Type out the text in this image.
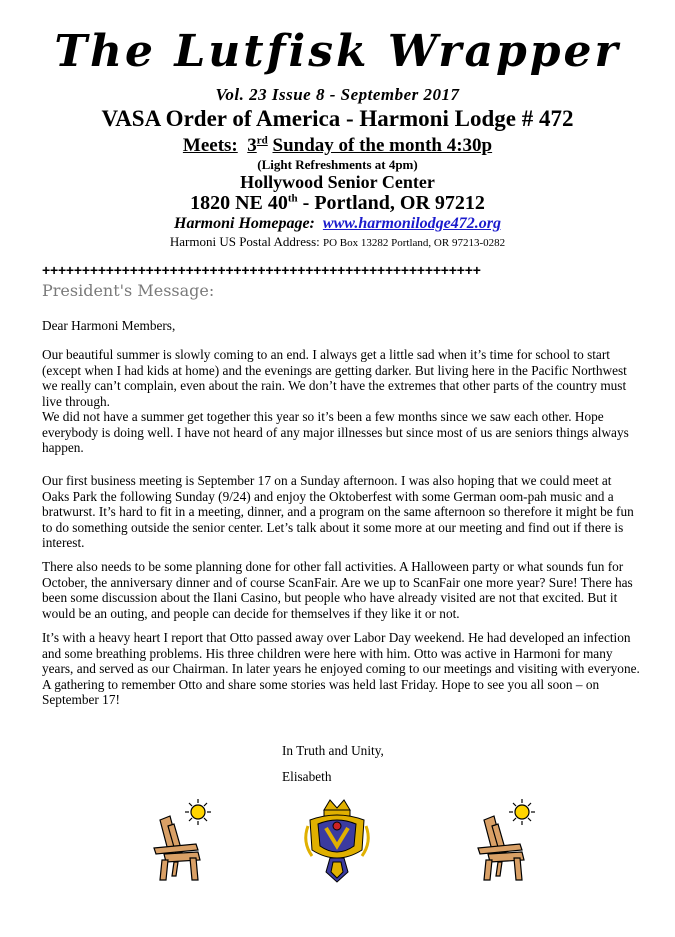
The Lutfisk Wrapper
Vol. 23 Issue 8 - September 2017
VASA Order of America - Harmoni Lodge # 472
Meets: 3rd Sunday of the month 4:30p
(Light Refreshments at 4pm)
Hollywood Senior Center
1820 NE 40th - Portland, OR 97212
Harmoni Homepage: www.harmonilodge472.org
Harmoni US Postal Address: PO Box 13282 Portland, OR 97213-0282
+++++++++++++++++++++++++++++++++++++++++++++++++++++++
President's Message:
Dear Harmoni Members,

Our beautiful summer is slowly coming to an end. I always get a little sad when it’s time for school to start (except when I had kids at home) and the evenings are getting darker. But living here in the Pacific Northwest we really can’t complain, even about the rain. We don’t have the extremes that other parts of the country must live through.

We did not have a summer get together this year so it’s been a few months since we saw each other. Hope everybody is doing well. I have not heard of any major illnesses but since most of us are seniors things always happen.

Our first business meeting is September 17 on a Sunday afternoon. I was also hoping that we could meet at Oaks Park the following Sunday (9/24) and enjoy the Oktoberfest with some German oom-pah music and a bratwurst. It’s hard to fit in a meeting, dinner, and a program on the same afternoon so therefore it might be fun to do something outside the senior center. Let’s talk about it some more at our meeting and find out if there is interest.

There also needs to be some planning done for other fall activities. A Halloween party or what sounds fun for October, the anniversary dinner and of course ScanFair. Are we up to ScanFair one more year? Sure! There has been some discussion about the Ilani Casino, but people who have already visited are not that excited. But it would be an outing, and people can decide for themselves if they like it or not.

It’s with a heavy heart I report that Otto passed away over Labor Day weekend. He had developed an infection and some breathing problems. His three children were here with him. Otto was active in Harmoni for many years, and served as our Chairman. In later years he enjoyed coming to our meetings and visiting with everyone. A gathering to remember Otto and share some stories was held last Friday. Hope to see you all soon – on September 17!

In Truth and Unity,
Elisabeth
